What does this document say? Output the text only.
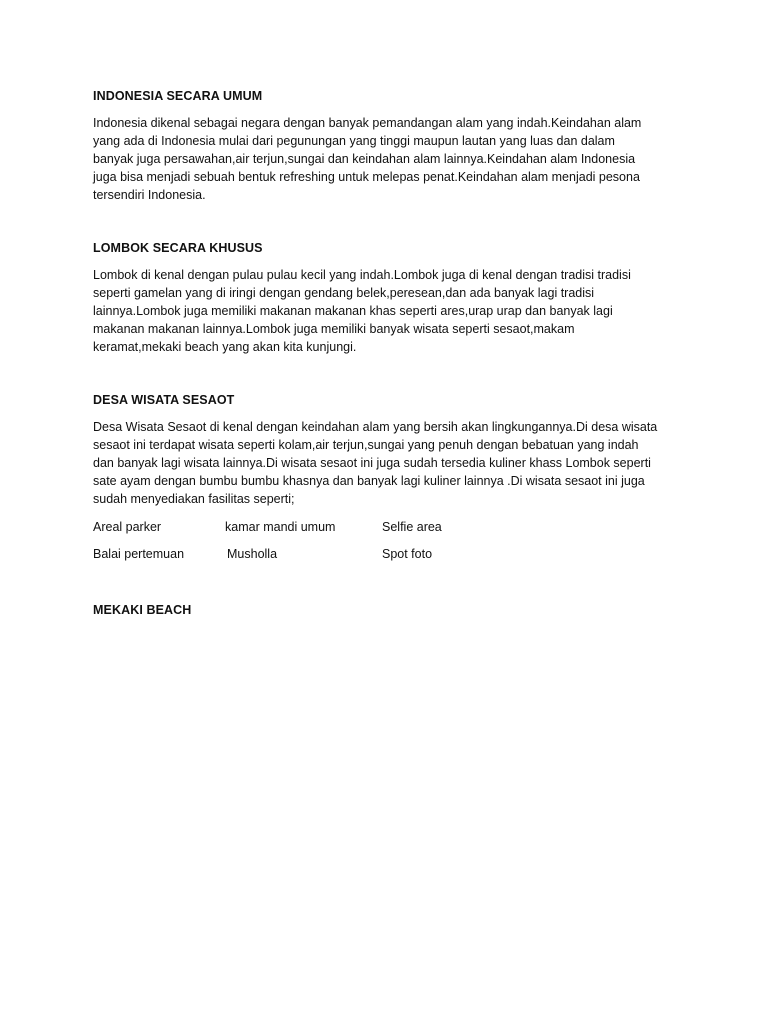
INDONESIA SECARA UMUM

Indonesia dikenal sebagai negara dengan banyak pemandangan alam yang indah.Keindahan alam
yang ada di Indonesia mulai dari pegunungan yang tinggi maupun lautan yang luas dan dalam
banyak juga persawahan,air terjun,sungai dan keindahan alam lainnya.Keindahan alam Indonesia
juga bisa menjadi sebuah bentuk refreshing untuk melepas penat.Keindahan alam menjadi pesona
tersendiri Indonesia.

LOMBOK SECARA KHUSUS

Lombok di kenal dengan pulau pulau kecil yang indah.Lombok juga di kenal dengan tradisi tradisi
seperti gamelan yang di iringi dengan gendang belek,peresean,dan ada banyak lagi tradisi
lainnya.Lombok juga memiliki makanan makanan khas seperti ares,urap urap dan banyak lagi
makanan makanan lainnya.Lombok juga memiliki banyak wisata seperti sesaot,makam
keramat,mekaki beach yang akan kita kunjungi.

DESA WISATA SESAOT

Desa Wisata Sesaot di kenal dengan keindahan alam yang bersih akan lingkungannya.Di desa wisata
sesaot ini terdapat wisata seperti kolam,air terjun,sungai yang penuh dengan bebatuan yang indah
dan banyak lagi wisata lainnya.Di wisata sesaot ini juga sudah tersedia kuliner khass Lombok seperti
sate ayam dengan bumbu bumbu khasnya dan banyak lagi kuliner lainnya .Di wisata sesaot ini juga
sudah menyediakan fasilitas seperti;

Areal parker	kamar mandi umum	Selfie area
Balai pertemuan	Musholla	Spot foto
MEKAKI BEACH
